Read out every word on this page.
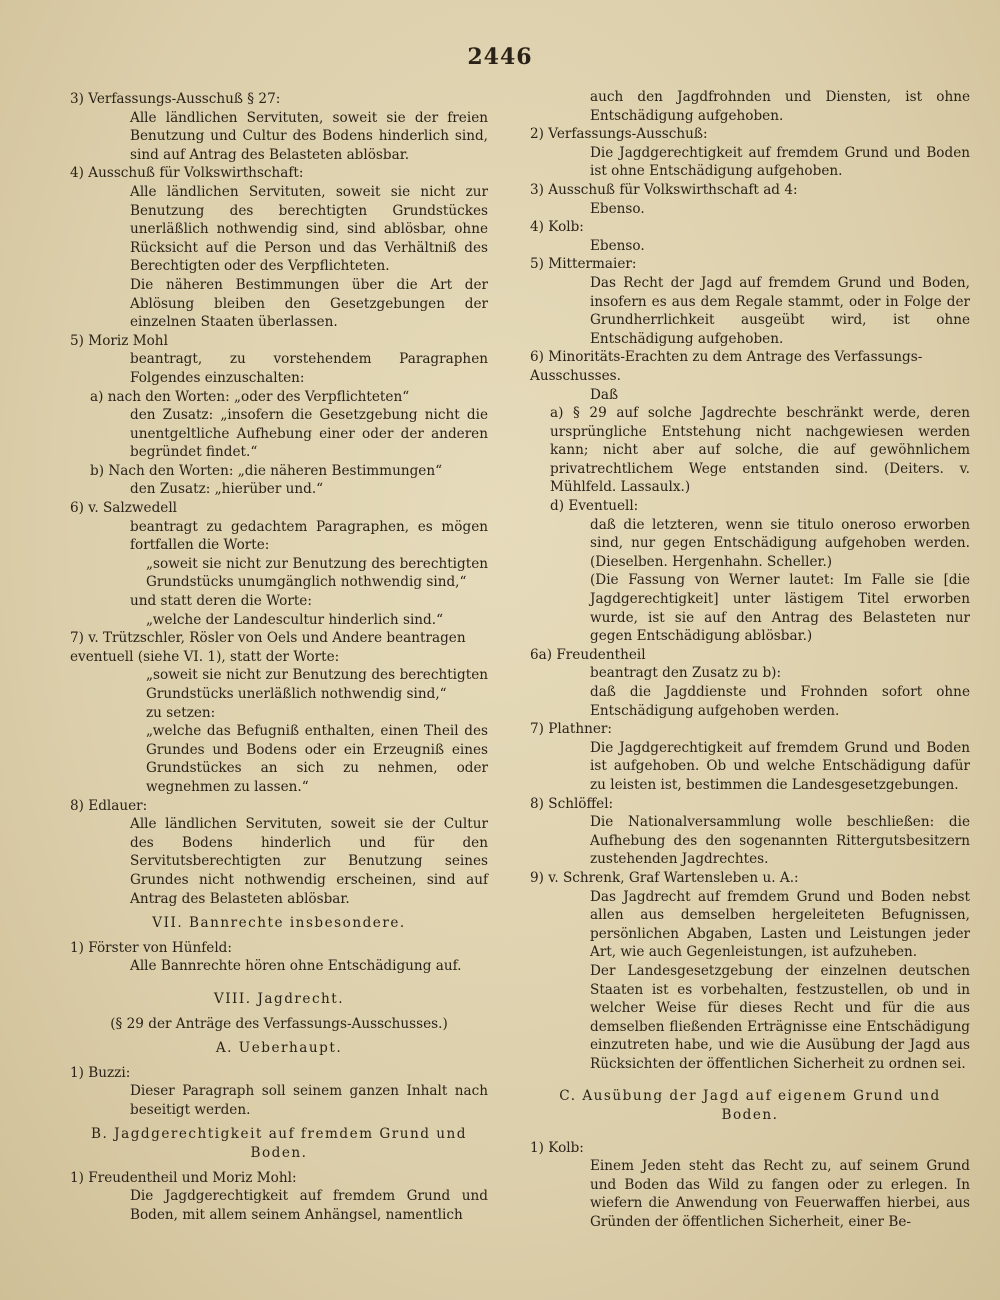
2446

3) Verfassungs-Ausschuß § 27:

Alle ländlichen Servituten, soweit sie der freien Benutzung und Cultur des Bodens hinderlich sind, sind auf Antrag des Belasteten ablösbar.

4) Ausschuß für Volkswirthschaft:

Alle ländlichen Servituten, soweit sie nicht zur Benutzung des berechtigten Grundstückes unerläßlich nothwendig sind, sind ablösbar, ohne Rücksicht auf die Person und das Verhältniß des Berechtigten oder des Verpflichteten.

Die näheren Bestimmungen über die Art der Ablösung bleiben den Gesetzgebungen der einzelnen Staaten überlassen.

5) Moriz Mohl

beantragt, zu vorstehendem Paragraphen Folgendes einzuschalten:

a) nach den Worten: „oder des Verpflichteten“

den Zusatz: „insofern die Gesetzgebung nicht die unentgeltliche Aufhebung einer oder der anderen begründet findet.“

b) Nach den Worten: „die näheren Bestimmungen“

den Zusatz: „hierüber und.“

6) v. Salzwedell

beantragt zu gedachtem Paragraphen, es mögen fortfallen die Worte:

„soweit sie nicht zur Benutzung des berechtigten Grundstücks unumgänglich nothwendig sind,“

und statt deren die Worte:

„welche der Landescultur hinderlich sind.“

7) v. Trützschler, Rösler von Oels und Andere beantragen eventuell (siehe VI. 1), statt der Worte:

„soweit sie nicht zur Benutzung des berechtigten Grundstücks unerläßlich nothwendig sind,“

zu setzen:

„welche das Befugniß enthalten, einen Theil des Grundes und Bodens oder ein Erzeugniß eines Grundstückes an sich zu nehmen, oder wegnehmen zu lassen.“

8) Edlauer:

Alle ländlichen Servituten, soweit sie der Cultur des Bodens hinderlich und für den Servitutsberechtigten zur Benutzung seines Grundes nicht nothwendig erscheinen, sind auf Antrag des Belasteten ablösbar.

VII. Bannrechte insbesondere.

1) Förster von Hünfeld:

Alle Bannrechte hören ohne Entschädigung auf.

VIII. Jagdrecht.

(§ 29 der Anträge des Verfassungs-Ausschusses.)

A. Ueberhaupt.

1) Buzzi:

Dieser Paragraph soll seinem ganzen Inhalt nach beseitigt werden.

B. Jagdgerechtigkeit auf fremdem Grund und Boden.

1) Freudentheil und Moriz Mohl:

Die Jagdgerechtigkeit auf fremdem Grund und Boden, mit allem seinem Anhängsel, namentlich

auch den Jagdfrohnden und Diensten, ist ohne Entschädigung aufgehoben.

2) Verfassungs-Ausschuß:

Die Jagdgerechtigkeit auf fremdem Grund und Boden ist ohne Entschädigung aufgehoben.

3) Ausschuß für Volkswirthschaft ad 4:

Ebenso.

4) Kolb:

Ebenso.

5) Mittermaier:

Das Recht der Jagd auf fremdem Grund und Boden, insofern es aus dem Regale stammt, oder in Folge der Grundherrlichkeit ausgeübt wird, ist ohne Entschädigung aufgehoben.

6) Minoritäts-Erachten zu dem Antrage des Verfassungs-Ausschusses.

Daß

a) § 29 auf solche Jagdrechte beschränkt werde, deren ursprüngliche Entstehung nicht nachgewiesen werden kann; nicht aber auf solche, die auf gewöhnlichem privatrechtlichem Wege entstanden sind. (Deiters. v. Mühlfeld. Lassaulx.)

d) Eventuell:

daß die letzteren, wenn sie titulo oneroso erworben sind, nur gegen Entschädigung aufgehoben werden. (Dieselben. Hergenhahn. Scheller.)

(Die Fassung von Werner lautet: Im Falle sie [die Jagdgerechtigkeit] unter lästigem Titel erworben wurde, ist sie auf den Antrag des Belasteten nur gegen Entschädigung ablösbar.)

6a) Freudentheil

beantragt den Zusatz zu b):

daß die Jagddienste und Frohnden sofort ohne Entschädigung aufgehoben werden.

7) Plathner:

Die Jagdgerechtigkeit auf fremdem Grund und Boden ist aufgehoben. Ob und welche Entschädigung dafür zu leisten ist, bestimmen die Landesgesetzgebungen.

8) Schlöffel:

Die Nationalversammlung wolle beschließen: die Aufhebung des den sogenannten Rittergutsbesitzern zustehenden Jagdrechtes.

9) v. Schrenk, Graf Wartensleben u. A.:

Das Jagdrecht auf fremdem Grund und Boden nebst allen aus demselben hergeleiteten Befugnissen, persönlichen Abgaben, Lasten und Leistungen jeder Art, wie auch Gegenleistungen, ist aufzuheben.

Der Landesgesetzgebung der einzelnen deutschen Staaten ist es vorbehalten, festzustellen, ob und in welcher Weise für dieses Recht und für die aus demselben fließenden Erträgnisse eine Entschädigung einzutreten habe, und wie die Ausübung der Jagd aus Rücksichten der öffentlichen Sicherheit zu ordnen sei.

C. Ausübung der Jagd auf eigenem Grund und Boden.

1) Kolb:

Einem Jeden steht das Recht zu, auf seinem Grund und Boden das Wild zu fangen oder zu erlegen. In wiefern die Anwendung von Feuerwaffen hierbei, aus Gründen der öffentlichen Sicherheit, einer Be-
